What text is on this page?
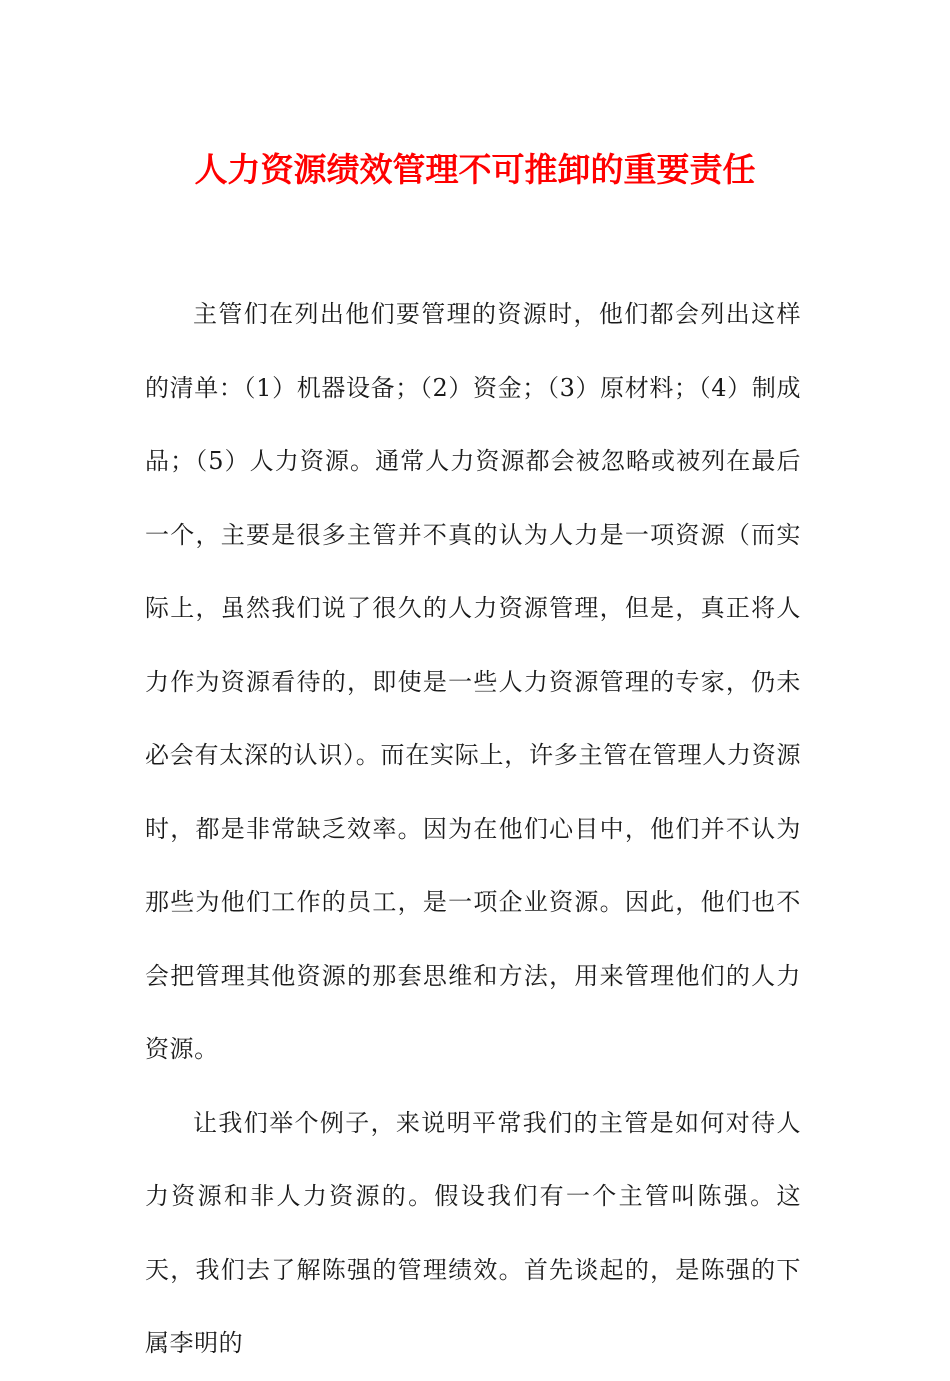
人力资源绩效管理不可推卸的重要责任

主管们在列出他们要管理的资源时，他们都会列出这样的清单：（1）机器设备；（2）资金；（3）原材料；（4）制成品；（5）人力资源。通常人力资源都会被忽略或被列在最后一个，主要是很多主管并不真的认为人力是一项资源（而实际上，虽然我们说了很久的人力资源管理，但是，真正将人力作为资源看待的，即使是一些人力资源管理的专家，仍未必会有太深的认识）。而在实际上，许多主管在管理人力资源时，都是非常缺乏效率。因为在他们心目中，他们并不认为那些为他们工作的员工，是一项企业资源。因此，他们也不会把管理其他资源的那套思维和方法，用来管理他们的人力资源。

让我们举个例子，来说明平常我们的主管是如何对待人力资源和非人力资源的。假设我们有一个主管叫陈强。这天，我们去了解陈强的管理绩效。首先谈起的，是陈强的下属李明的
